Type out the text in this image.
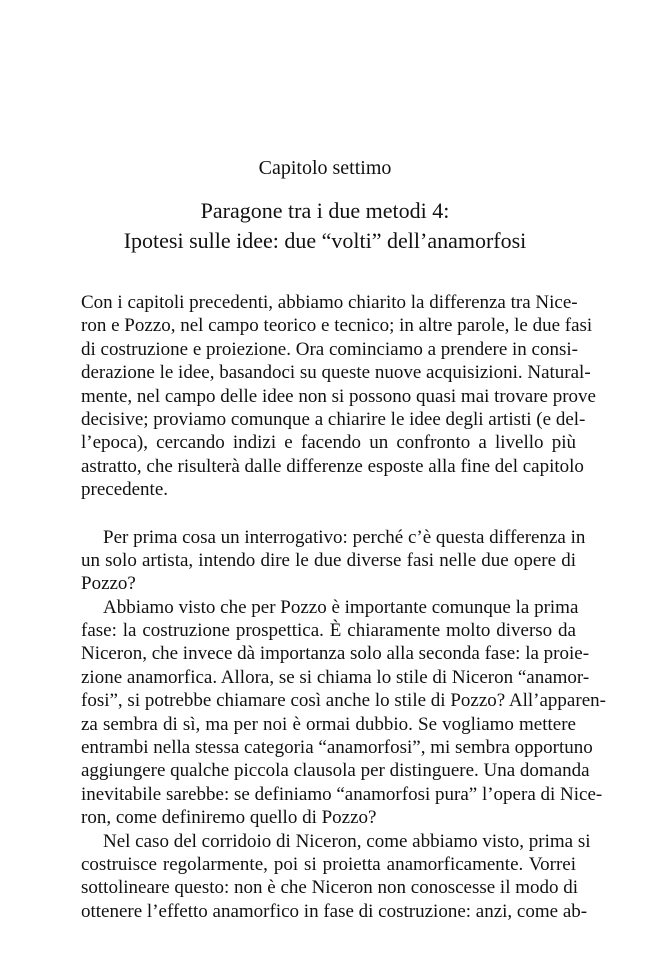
Capitolo settimo
Paragone tra i due metodi 4:
Ipotesi sulle idee: due “volti” dell’anamorfosi
Con i capitoli precedenti, abbiamo chiarito la differenza tra Nice-
ron e Pozzo, nel campo teorico e tecnico; in altre parole, le due fasi
di costruzione e proiezione. Ora cominciamo a prendere in consi-
derazione le idee, basandoci su queste nuove acquisizioni. Natural-
mente, nel campo delle idee non si possono quasi mai trovare prove
decisive; proviamo comunque a chiarire le idee degli artisti (e del-
l’epoca), cercando indizi e facendo un confronto a livello più
astratto, che risulterà dalle differenze esposte alla fine del capitolo
precedente.
Per prima cosa un interrogativo: perché c’è questa differenza in
un solo artista, intendo dire le due diverse fasi nelle due opere di
Pozzo?
Abbiamo visto che per Pozzo è importante comunque la prima
fase: la costruzione prospettica. È chiaramente molto diverso da
Niceron, che invece dà importanza solo alla seconda fase: la proie-
zione anamorfica. Allora, se si chiama lo stile di Niceron “anamor-
fosi”, si potrebbe chiamare così anche lo stile di Pozzo? All’apparen-
za sembra di sì, ma per noi è ormai dubbio. Se vogliamo mettere
entrambi nella stessa categoria “anamorfosi”, mi sembra opportuno
aggiungere qualche piccola clausola per distinguere. Una domanda
inevitabile sarebbe: se definiamo “anamorfosi pura” l’opera di Nice-
ron, come definiremo quello di Pozzo?
Nel caso del corridoio di Niceron, come abbiamo visto, prima si
costruisce regolarmente, poi si proietta anamorficamente. Vorrei
sottolineare questo: non è che Niceron non conoscesse il modo di
ottenere l’effetto anamorfico in fase di costruzione: anzi, come ab-
